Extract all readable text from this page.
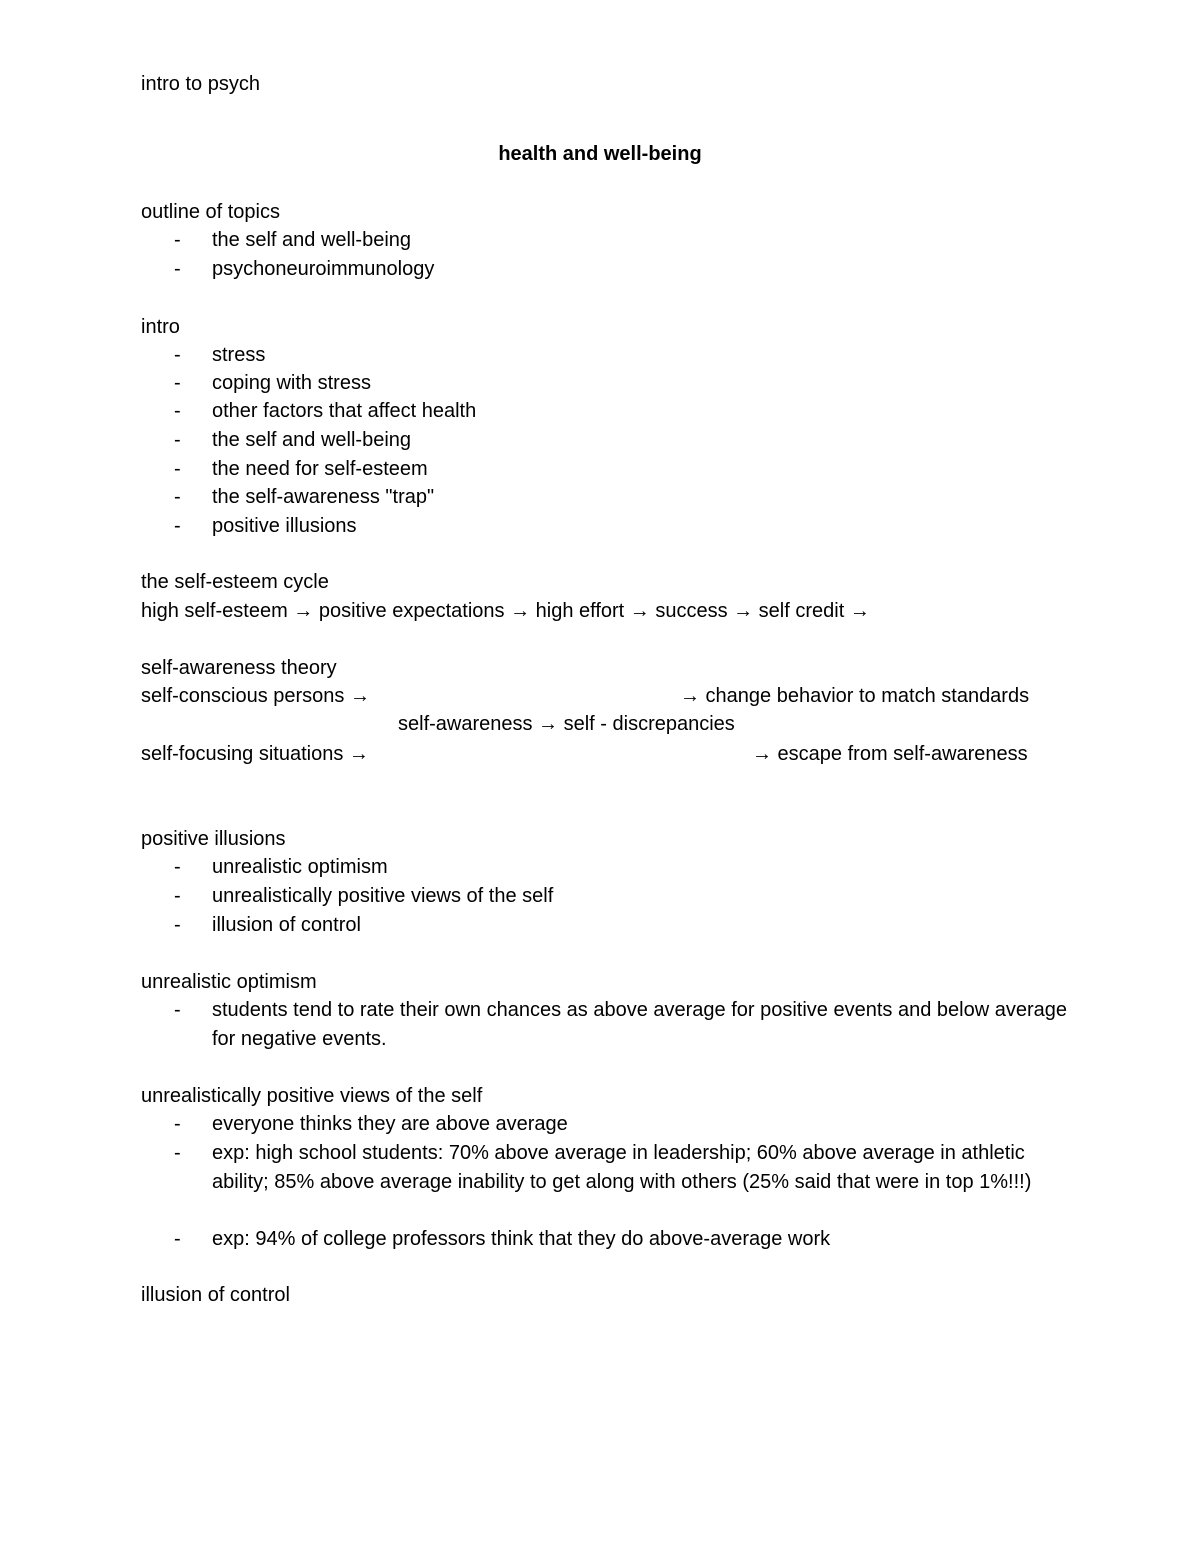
intro to psych
health and well-being
outline of topics
- the self and well-being
- psychoneuroimmunology
intro
- stress
- coping with stress
- other factors that affect health
- the self and well-being
- the need for self-esteem
- the self-awareness "trap"
- positive illusions
the self-esteem cycle
high self-esteem → positive expectations → high effort → success → self credit →
self-awareness theory
self-conscious persons →	→ change behavior to match standards
self-awareness → self - discrepancies
self-focusing situations →	→ escape from self-awareness
positive illusions
- unrealistic optimism
- unrealistically positive views of the self
- illusion of control
unrealistic optimism
- students tend to rate their own chances as above average for positive events and below average for negative events.
unrealistically positive views of the self
- everyone thinks they are above average
- exp: high school students: 70% above average in leadership; 60% above average in athletic ability; 85% above average inability to get along with others (25% said that were in top 1%!!!)
- exp: 94% of college professors think that they do above-average work
illusion of control
